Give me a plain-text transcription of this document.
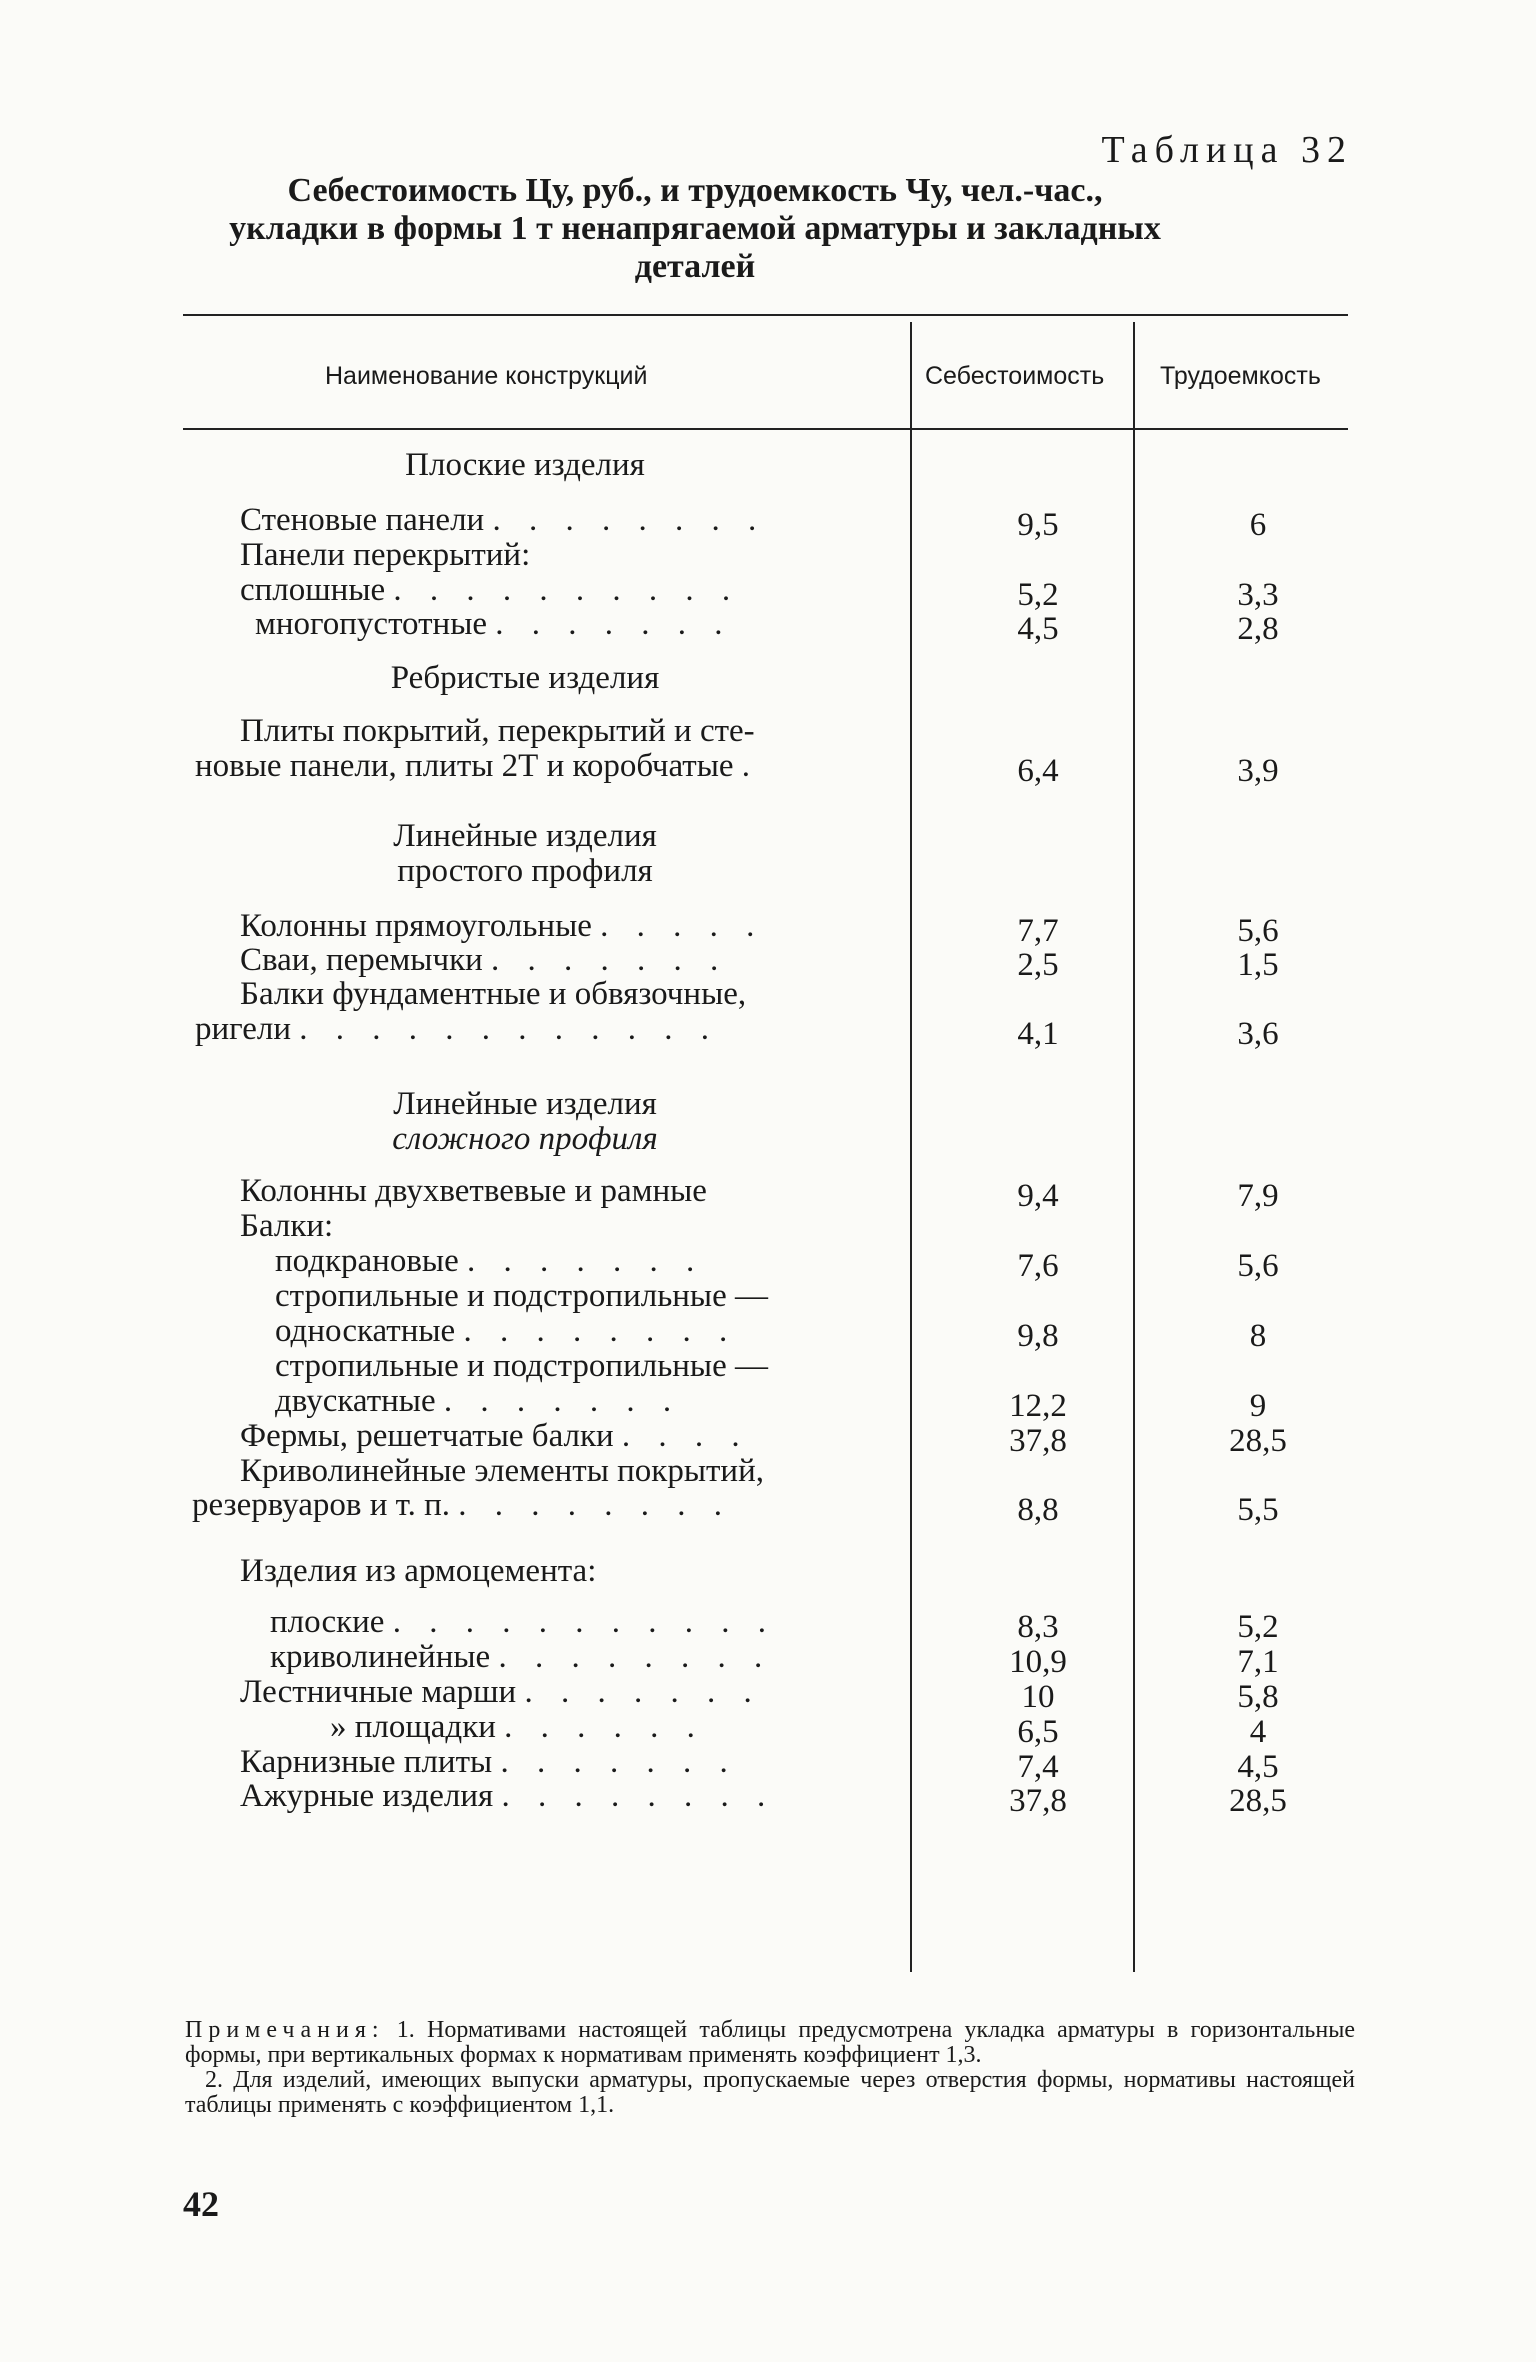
Таблица 32
Себестоимость Цу, руб., и трудоемкость Чу, чел.-час.,
укладки в формы 1 т ненапрягаемой арматуры и закладных
деталей
Наименование конструкций	Себестоимость Трудоемкость
Плоские изделия
Ребристые изделия
Линейные изделия
простого профиля
Линейные изделия
сложного профиля
Изделия из армоцемента:
Стеновые панели . . . . . . . .	9,5	6
Панели перекрытий:
сплошные . . . . . . . . . .	5,2	3,3
многопустотные . . . . . . .	4,5	2,8
Плиты покрытий, перекрытий и сте-
новые панели, плиты 2Т и коробчатые .	6,4	3,9
Колонны прямоугольные . . . . .	7,7	5,6
Сваи, перемычки . . . . . . .	2,5	1,5
Балки фундаментные и обвязочные,
ригели . . . . . . . . . . . .	4,1	3,6
Колонны двухветвевые и рамные	9,4	7,9
Балки:
подкрановые . . . . . . .	7,6	5,6
стропильные и подстропильные —
односкатные . . . . . . . .	9,8	8
стропильные и подстропильные —
двускатные . . . . . . .	12,2	9
Фермы, решетчатые балки . . . .	37,8	28,5
Криволинейные элементы покрытий,
резервуаров и т. п. . . . . . . . .	8,8	5,5
плоские . . . . . . . . . . .	8,3	5,2
криволинейные . . . . . . . .	10,9	7,1
Лестничные марши . . . . . . .	10	5,8
» площадки . . . . . .	6,5	4
Карнизные плиты . . . . . . .	7,4	4,5
Ажурные изделия . . . . . . . .	37,8	28,5
Примечания: 1. Нормативами настоящей таблицы предусмотрена укладка арматуры в горизонтальные формы, при вертикальных формах к нормативам применять коэффициент 1,3.
2. Для изделий, имеющих выпуски арматуры, пропускаемые через отверстия формы, нормативы настоящей таблицы применять с коэффициентом 1,1.
42
